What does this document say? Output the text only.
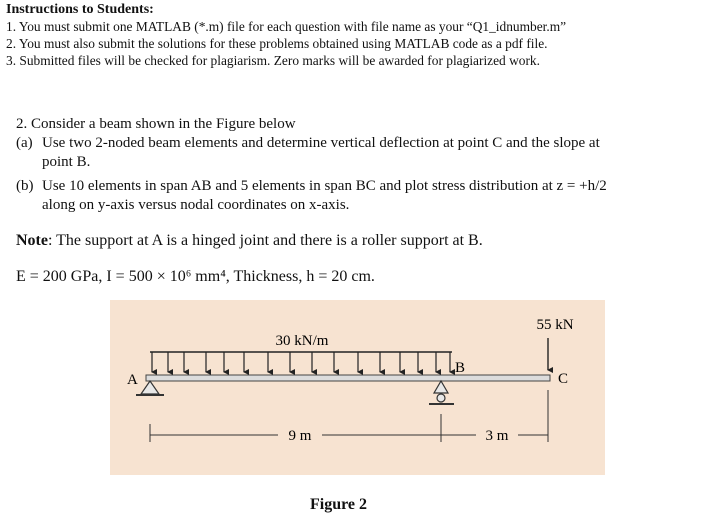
Instructions to Students:
1. You must submit one MATLAB (*.m) file for each question with file name as your “Q1_idnumber.m”
2. You must also submit the solutions for these problems obtained using MATLAB code as a pdf file.
3. Submitted files will be checked for plagiarism. Zero marks will be awarded for plagiarized work.
2. Consider a beam shown in the Figure below
(a) Use two 2-noded beam elements and determine vertical deflection at point C and the slope at
point B.
(b) Use 10 elements in span AB and 5 elements in span BC and plot stress distribution at z = +h/2
along on y-axis versus nodal coordinates on x-axis.
Note: The support at A is a hinged joint and there is a roller support at B.
E = 200 GPa, I = 500 × 10⁶ mm⁴, Thickness, h = 20 cm.
30 kN/m
A
B
55 kN
C
9 m	3 m
Figure 2
